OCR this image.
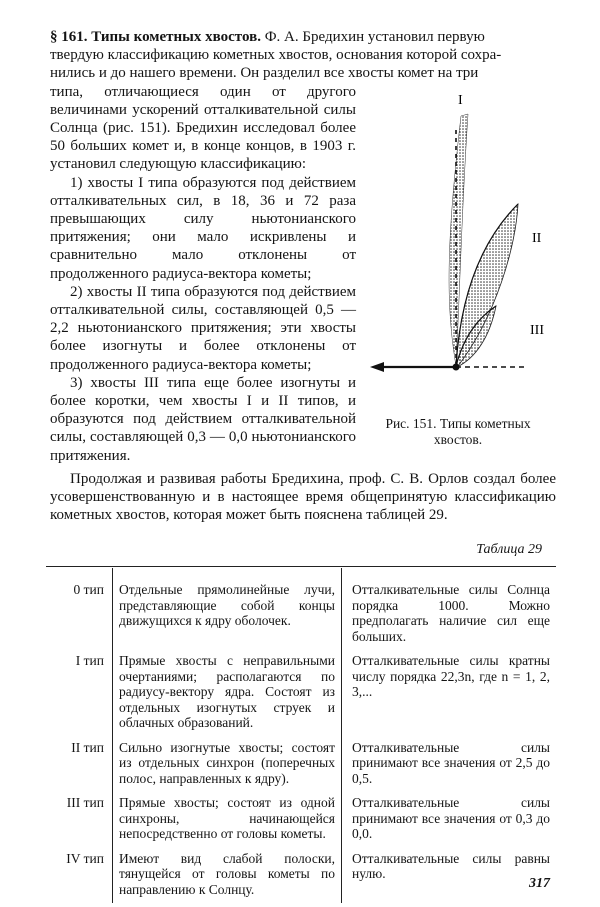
§ 161. Типы кометных хвостов. Ф. А. Бредихин установил первую
твердую классификацию кометных хвостов, основания которой сохра-
нились и до нашего времени. Он разделил все хвосты комет на три

типа, отличающиеся один от другого величинами ускорений отталкивательной силы Солнца (рис. 151). Бредихин исследовал более 50 больших комет и, в конце концов, в 1903 г. установил следующую классификацию:

1) хвосты I типа образуются под действием отталкивательных сил, в 18, 36 и 72 раза превышающих силу ньютонианского притяжения; они мало искривлены и сравнительно мало отклонены от продолженного радиуса-вектора кометы;

2) хвосты II типа образуются под действием отталкивательной силы, составляющей 0,5 — 2,2 ньютонианского притяжения; эти хвосты более изогнуты и более отклонены от продолженного радиуса-вектора кометы;

3) хвосты III типа еще более изогнуты и более коротки, чем хвосты I и II типов, и образуются под действием отталкивательной силы, составляющей 0,3 — 0,0 ньютонианского притяжения.

I
II
III
Рис. 151. Типы кометных хвостов.

Продолжая и развивая работы Бредихина, проф. С. В. Орлов создал более усовершенствованную и в настоящее время общепринятую классификацию кометных хвостов, которая может быть пояснена таблицей 29.

Таблица 29
0 тип	Отдельные прямолинейные лучи, представляющие собой концы движущихся к ядру оболочек.	Отталкивательные силы Солнца порядка 1000. Можно предполагать наличие сил еще больших.
I тип	Прямые хвосты с неправильными очертаниями; располагаются по радиусу-вектору ядра. Состоят из отдельных изогнутых струек и облачных образований.	Отталкивательные силы кратны числу порядка 22,3n, где n = 1, 2, 3,...
II тип	Сильно изогнутые хвосты; состоят из отдельных синхрон (поперечных полос, направленных к ядру).	Отталкивательные силы принимают все значения от 2,5 до 0,5.
III тип	Прямые хвосты; состоят из одной синхроны, начинающейся непосредственно от головы кометы.	Отталкивательные силы принимают все значения от 0,3 до 0,0.
IV тип	Имеют вид слабой полоски, тянущейся от головы кометы по направлению к Солнцу.	Отталкивательные силы равны нулю.
317
